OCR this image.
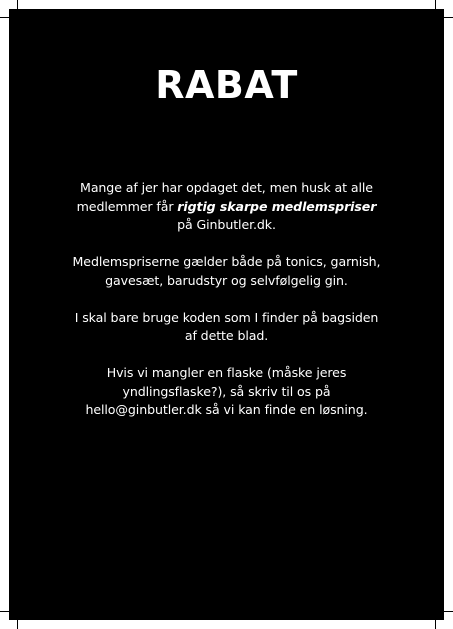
RABAT

Mange af jer har opdaget det, men husk at alle
medlemmer får rigtig skarpe medlemspriser
på Ginbutler.dk.

Medlemspriserne gælder både på tonics, garnish,
gavesæt, barudstyr og selvfølgelig gin.

I skal bare bruge koden som I finder på bagsiden
af dette blad.

Hvis vi mangler en flaske (måske jeres
yndlingsflaske?), så skriv til os på
hello@ginbutler.dk så vi kan finde en løsning.
